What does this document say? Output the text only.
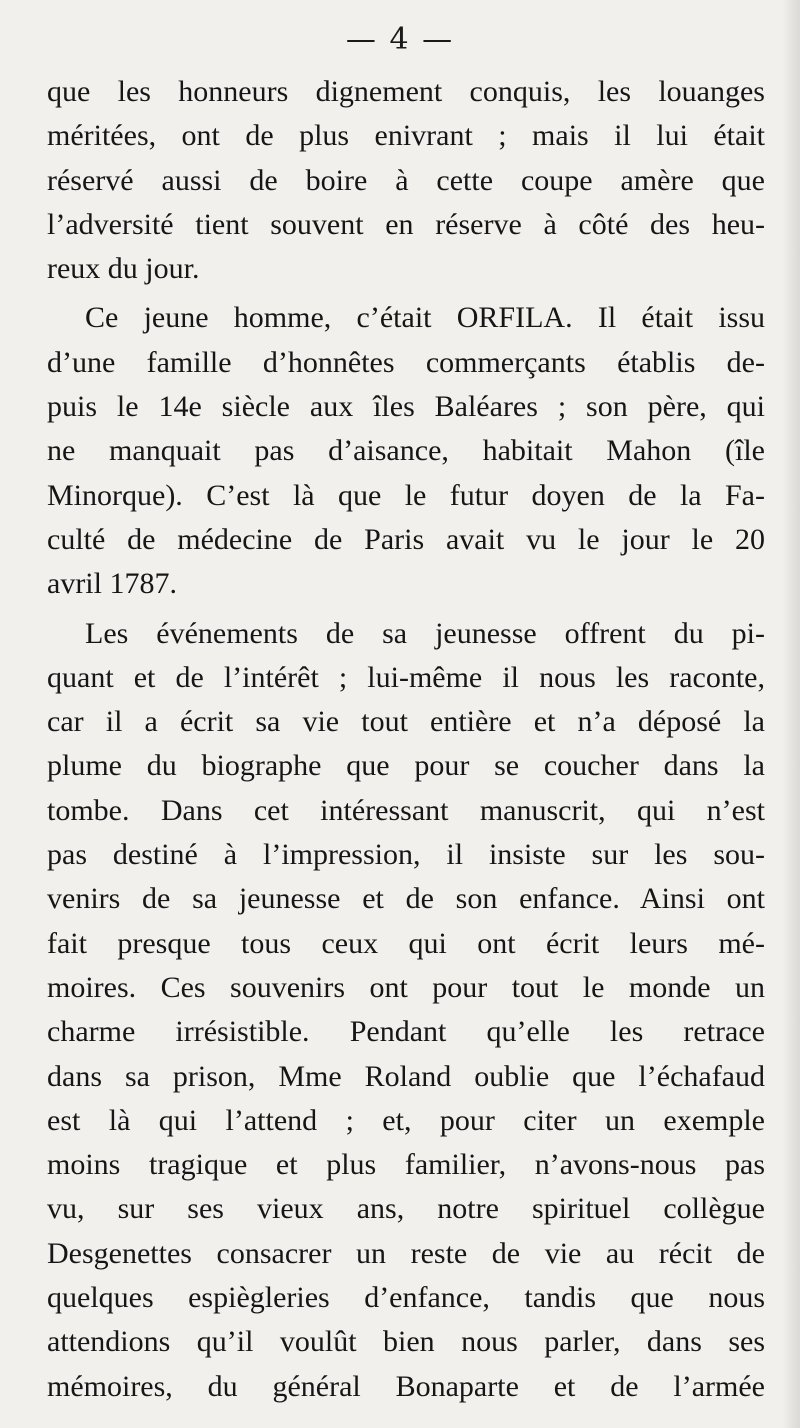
— 4 —
que les honneurs dignement conquis, les louanges
méritées, ont de plus enivrant ; mais il lui était
réservé aussi de boire à cette coupe amère que
l’adversité tient souvent en réserve à côté des heu-
reux du jour.
Ce jeune homme, c’était ORFILA. Il était issu
d’une famille d’honnêtes commerçants établis de-
puis le 14e siècle aux îles Baléares ; son père, qui
ne manquait pas d’aisance, habitait Mahon (île
Minorque). C’est là que le futur doyen de la Fa-
culté de médecine de Paris avait vu le jour le 20
avril 1787.
Les événements de sa jeunesse offrent du pi-
quant et de l’intérêt ; lui-même il nous les raconte,
car il a écrit sa vie tout entière et n’a déposé la
plume du biographe que pour se coucher dans la
tombe. Dans cet intéressant manuscrit, qui n’est
pas destiné à l’impression, il insiste sur les sou-
venirs de sa jeunesse et de son enfance. Ainsi ont
fait presque tous ceux qui ont écrit leurs mé-
moires. Ces souvenirs ont pour tout le monde un
charme irrésistible. Pendant qu’elle les retrace
dans sa prison, Mme Roland oublie que l’échafaud
est là qui l’attend ; et, pour citer un exemple
moins tragique et plus familier, n’avons-nous pas
vu, sur ses vieux ans, notre spirituel collègue
Desgenettes consacrer un reste de vie au récit de
quelques espiègleries d’enfance, tandis que nous
attendions qu’il voulût bien nous parler, dans ses
mémoires, du général Bonaparte et de l’armée
